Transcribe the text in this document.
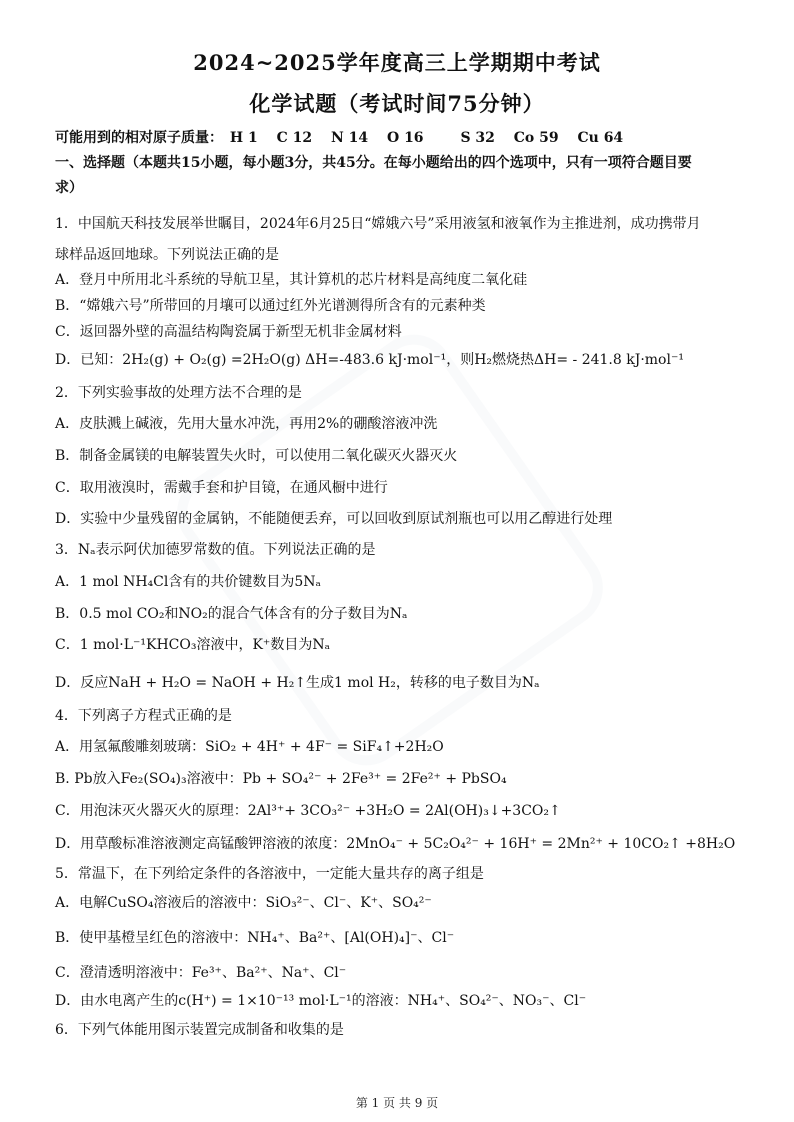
2024~2025学年度高三上学期期中考试
化学试题（考试时间75分钟）
可能用到的相对原子质量： H 1 C 12 N 14 O 16	S 32 Co 59 Cu 64
一、选择题（本题共15小题，每小题3分，共45分。在每小题给出的四个选项中，只有一项符合题目要
求）
1．中国航天科技发展举世瞩目，2024年6月25日“嫦娥六号”采用液氢和液氧作为主推进剂，成功携带月
球样品返回地球。下列说法正确的是
A．登月中所用北斗系统的导航卫星，其计算机的芯片材料是高纯度二氧化硅
B．“嫦娥六号”所带回的月壤可以通过红外光谱测得所含有的元素种类
C．返回器外壁的高温结构陶瓷属于新型无机非金属材料
D．已知：2H₂(g) + O₂(g) =2H₂O(g) ΔH=-483.6 kJ·mol⁻¹，则H₂燃烧热ΔH= - 241.8 kJ·mol⁻¹
2．下列实验事故的处理方法不合理的是
A．皮肤溅上碱液，先用大量水冲洗，再用2%的硼酸溶液冲洗
B．制备金属镁的电解装置失火时，可以使用二氧化碳灭火器灭火
C．取用液溴时，需戴手套和护目镜，在通风橱中进行
D．实验中少量残留的金属钠，不能随便丢弃，可以回收到原试剂瓶也可以用乙醇进行处理
3．Nₐ表示阿伏加德罗常数的值。下列说法正确的是
A．1 mol NH₄Cl含有的共价键数目为5Nₐ
B．0.5 mol CO₂和NO₂的混合气体含有的分子数目为Nₐ
C．1 mol·L⁻¹KHCO₃溶液中，K⁺数目为Nₐ
D．反应NaH + H₂O = NaOH + H₂↑生成1 mol H₂，转移的电子数目为Nₐ
4．下列离子方程式正确的是
A．用氢氟酸雕刻玻璃：SiO₂ + 4H⁺ + 4F⁻ = SiF₄↑+2H₂O
B. Pb放入Fe₂(SO₄)₃溶液中：Pb + SO₄²⁻ + 2Fe³⁺ = 2Fe²⁺ + PbSO₄
C．用泡沫灭火器灭火的原理：2Al³⁺+ 3CO₃²⁻ +3H₂O = 2Al(OH)₃↓+3CO₂↑
D．用草酸标准溶液测定高锰酸钾溶液的浓度：2MnO₄⁻ + 5C₂O₄²⁻ + 16H⁺ = 2Mn²⁺ + 10CO₂↑ +8H₂O
5．常温下，在下列给定条件的各溶液中，一定能大量共存的离子组是
A．电解CuSO₄溶液后的溶液中：SiO₃²⁻、Cl⁻、K⁺、SO₄²⁻
B．使甲基橙呈红色的溶液中：NH₄⁺、Ba²⁺、[Al(OH)₄]⁻、Cl⁻
C．澄清透明溶液中：Fe³⁺、Ba²⁺、Na⁺、Cl⁻
D．由水电离产生的c(H⁺) = 1×10⁻¹³ mol·L⁻¹的溶液：NH₄⁺、SO₄²⁻、NO₃⁻、Cl⁻
6．下列气体能用图示装置完成制备和收集的是
第 1 页 共 9 页
